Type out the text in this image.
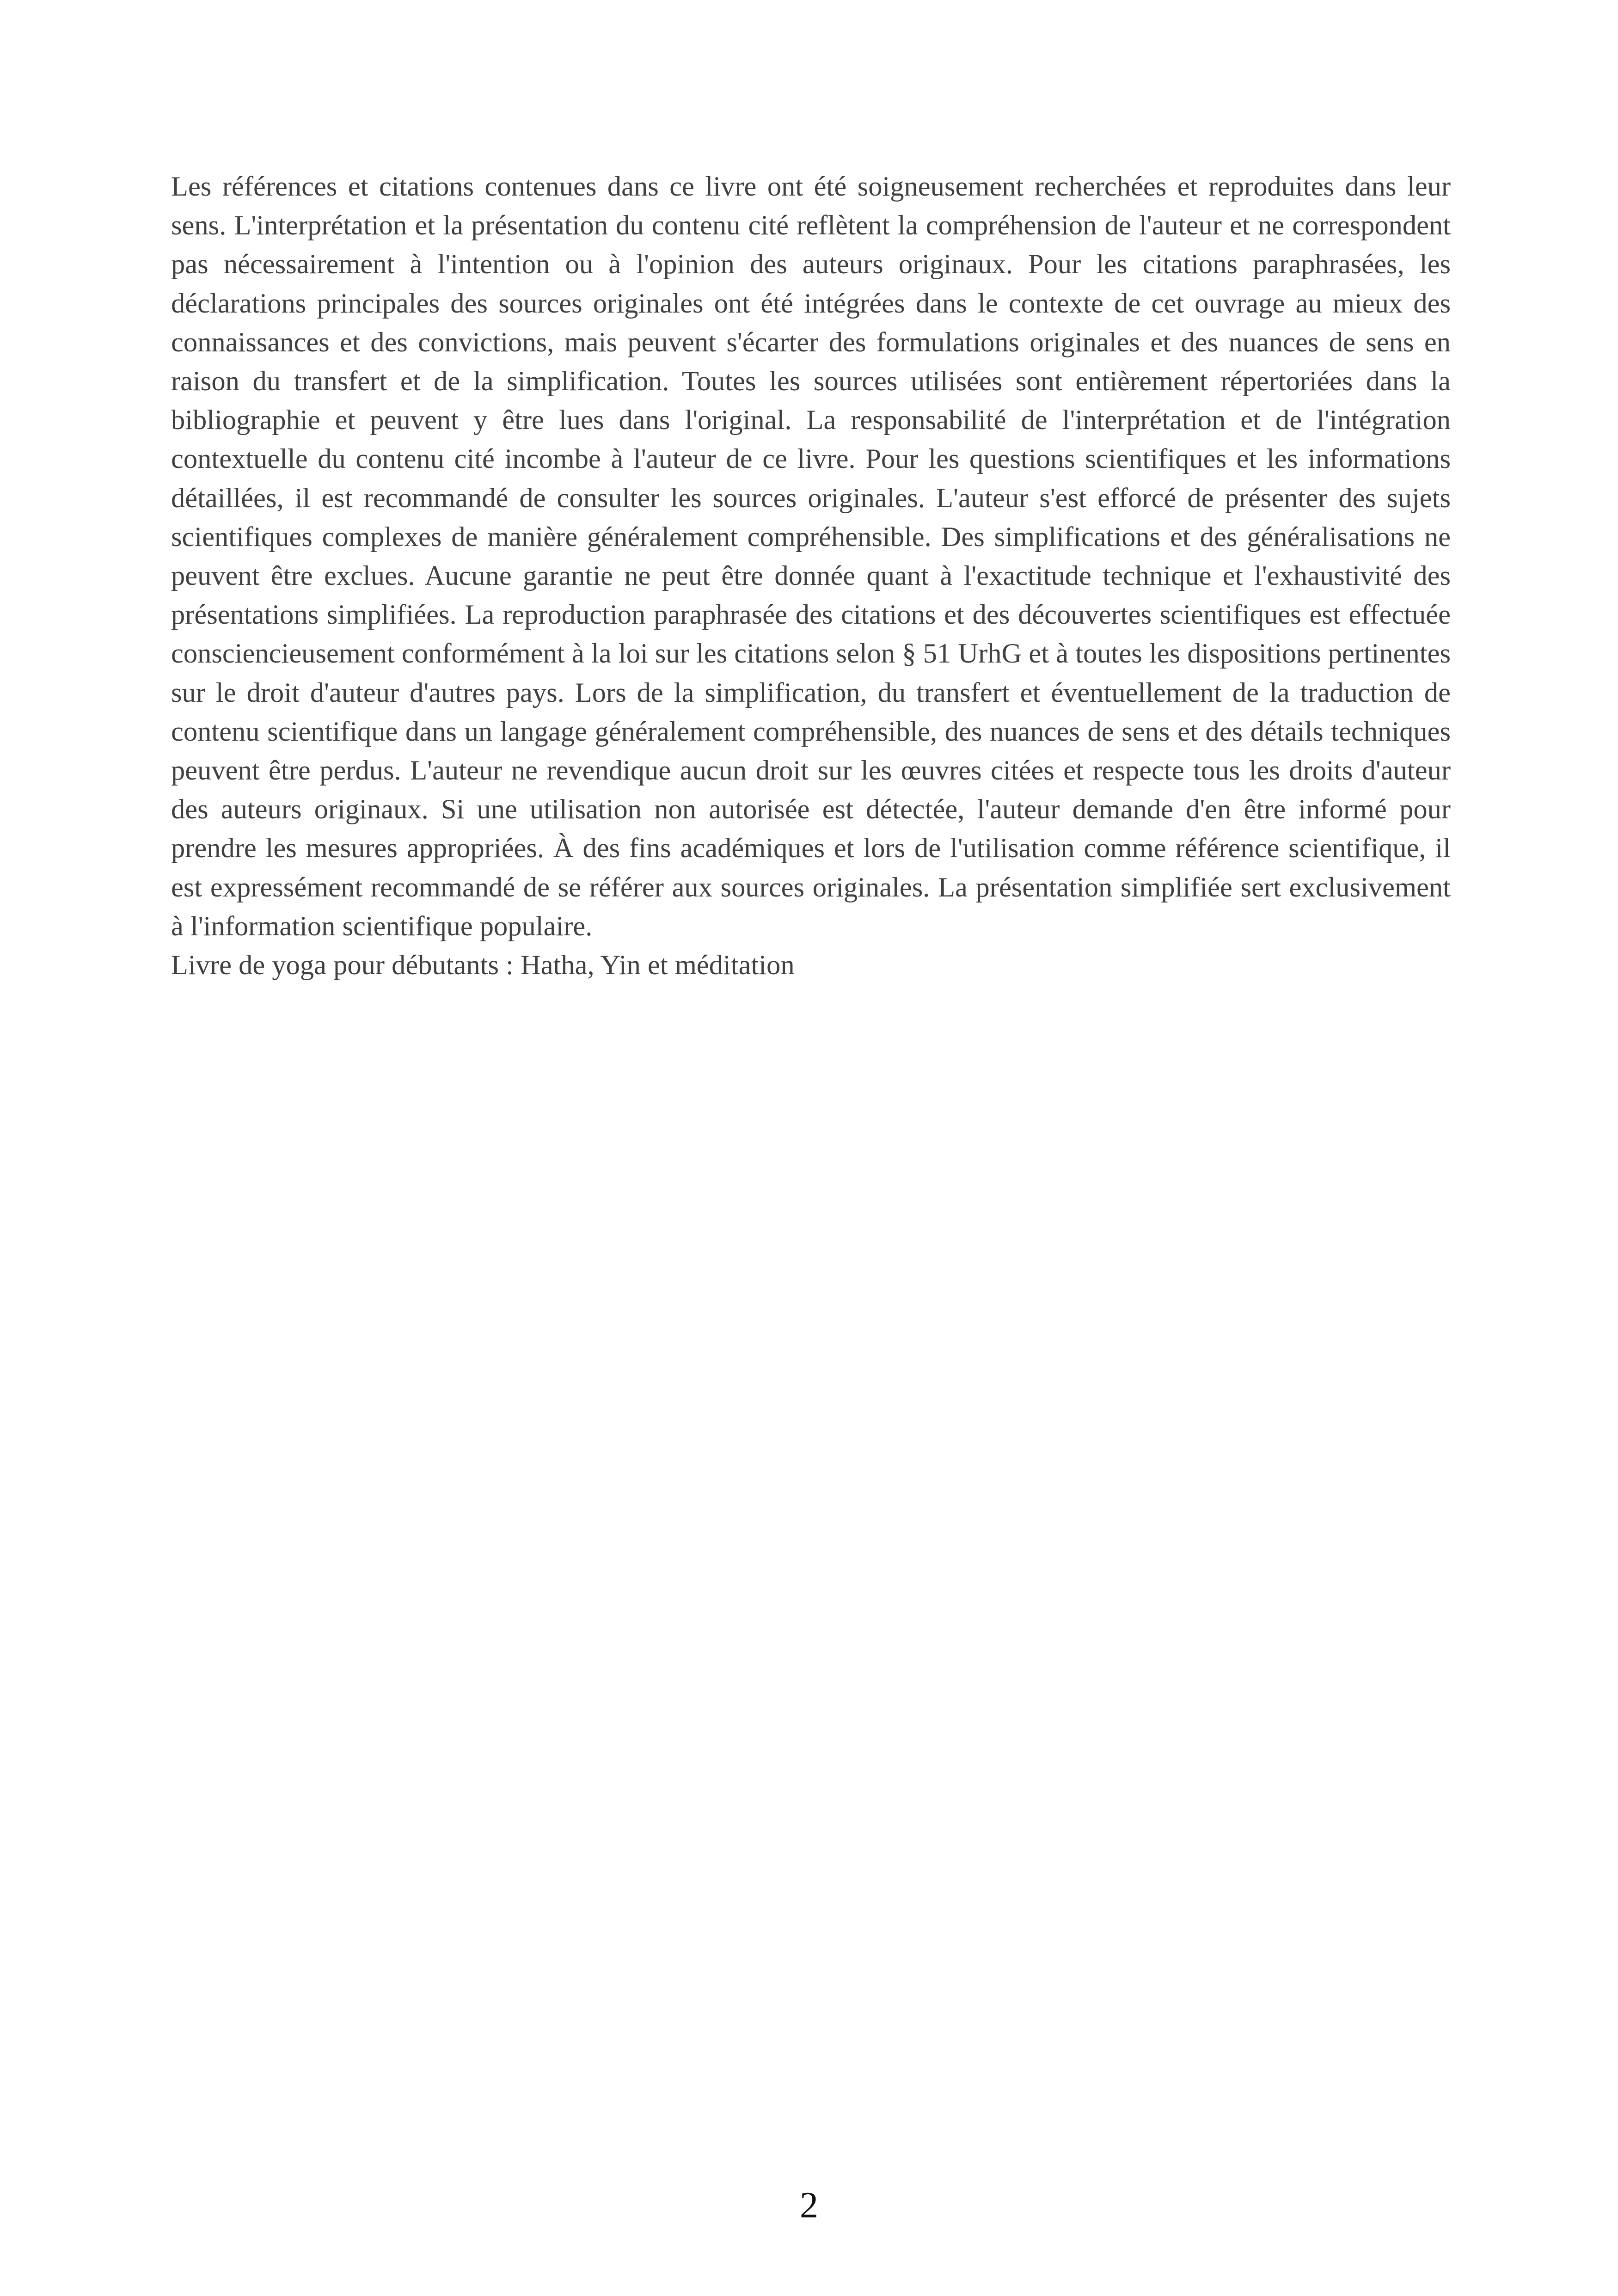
Les références et citations contenues dans ce livre ont été soigneusement recherchées et reproduites dans leur sens. L'interprétation et la présentation du contenu cité reflètent la compréhension de l'auteur et ne correspondent pas nécessairement à l'intention ou à l'opinion des auteurs originaux. Pour les citations paraphrasées, les déclarations principales des sources originales ont été intégrées dans le contexte de cet ouvrage au mieux des connaissances et des convictions, mais peuvent s'écarter des formulations originales et des nuances de sens en raison du transfert et de la simplification. Toutes les sources utilisées sont entièrement répertoriées dans la bibliographie et peuvent y être lues dans l'original. La responsabilité de l'interprétation et de l'intégration contextuelle du contenu cité incombe à l'auteur de ce livre. Pour les questions scientifiques et les informations détaillées, il est recommandé de consulter les sources originales. L'auteur s'est efforcé de présenter des sujets scientifiques complexes de manière généralement compréhensible. Des simplifications et des généralisations ne peuvent être exclues. Aucune garantie ne peut être donnée quant à l'exactitude technique et l'exhaustivité des présentations simplifiées. La reproduction paraphrasée des citations et des découvertes scientifiques est effectuée consciencieusement conformément à la loi sur les citations selon § 51 UrhG et à toutes les dispositions pertinentes sur le droit d'auteur d'autres pays. Lors de la simplification, du transfert et éventuellement de la traduction de contenu scientifique dans un langage généralement compréhensible, des nuances de sens et des détails techniques peuvent être perdus. L'auteur ne revendique aucun droit sur les œuvres citées et respecte tous les droits d'auteur des auteurs originaux. Si une utilisation non autorisée est détectée, l'auteur demande d'en être informé pour prendre les mesures appropriées. À des fins académiques et lors de l'utilisation comme référence scientifique, il est expressément recommandé de se référer aux sources originales. La présentation simplifiée sert exclusivement à l'information scientifique populaire.

Livre de yoga pour débutants : Hatha, Yin et méditation

2
